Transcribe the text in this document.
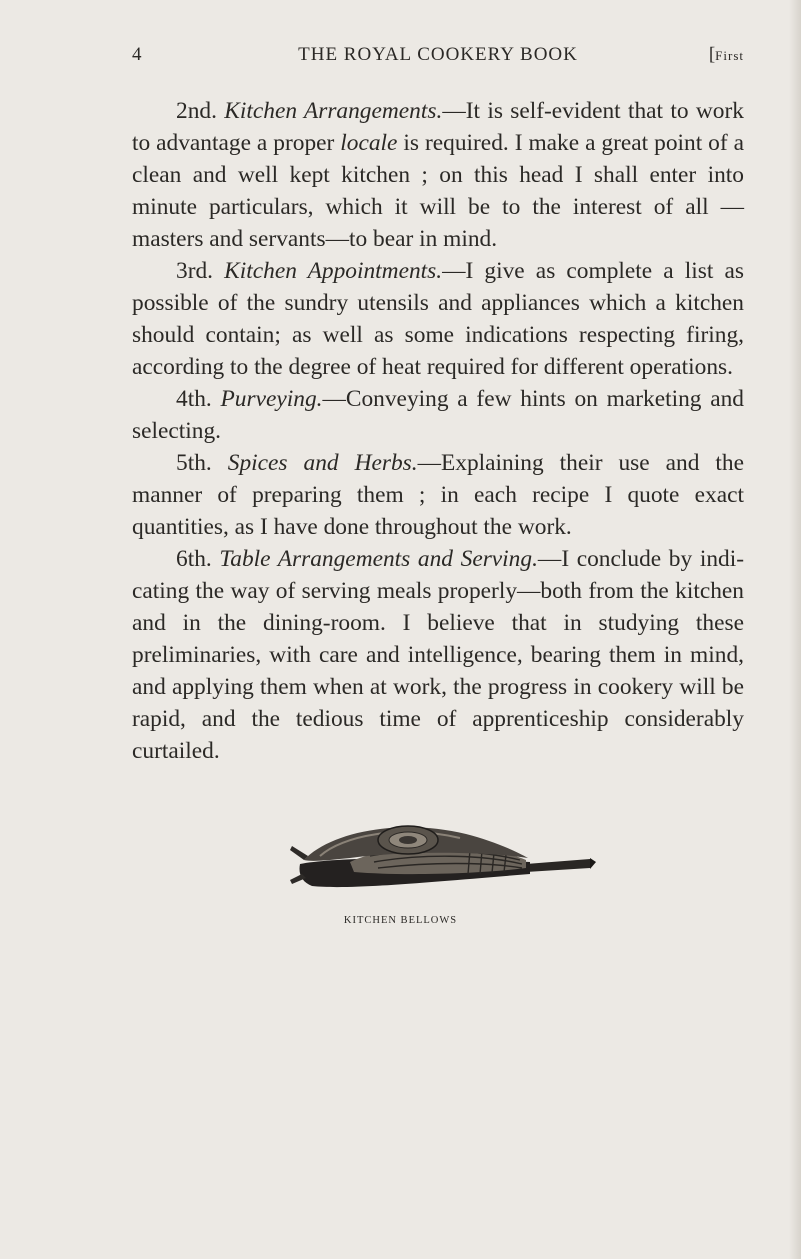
4	THE ROYAL COOKERY BOOK	[First

2nd. Kitchen Arrangements.—It is self-evident that to work to advantage a proper locale is required. I make a great point of a clean and well kept kitchen ; on this head I shall enter into minute particulars, which it will be to the interest of all —masters and servants—to bear in mind.

3rd. Kitchen Appointments.—I give as complete a list as possible of the sundry utensils and appliances which a kitchen should contain; as well as some indications respecting firing, according to the degree of heat required for different operations.

4th. Purveying.—Conveying a few hints on marketing and selecting.

5th. Spices and Herbs.—Explaining their use and the manner of preparing them ; in each recipe I quote exact quantities, as I have done throughout the work.

6th. Table Arrangements and Serving.—I conclude by indi- cating the way of serving meals properly—both from the kitchen and in the dining-room. I believe that in studying these preliminaries, with care and intelligence, bearing them in mind, and applying them when at work, the progress in cookery will be rapid, and the tedious time of apprenticeship considerably curtailed.

KITCHEN BELLOWS
